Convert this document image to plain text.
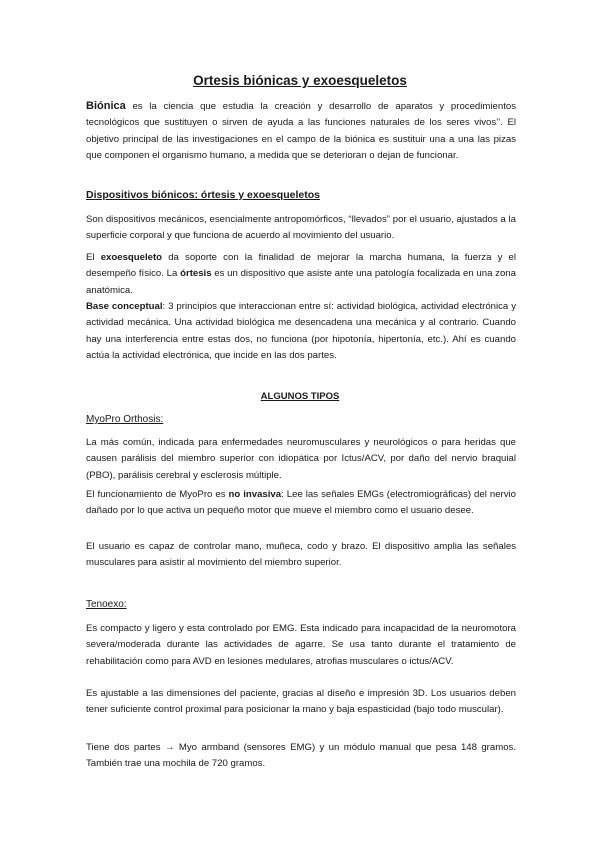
Ortesis biónicas y exoesqueletos

Biónica es la ciencia que estudia la creación y desarrollo de aparatos y procedimientos tecnológicos que sustituyen o sirven de ayuda a las funciones naturales de los seres vivos’’. El objetivo principal de las investigaciones en el campo de la biónica es sustituir una a una las pizas que componen el organismo humano, a medida que se deterioran o dejan de funcionar.

Dispositivos biónicos: órtesis y exoesqueletos

Son dispositivos mecánicos, esencialmente antropomórficos, “llevados” por el usuario, ajustados a la superficie corporal y que funciona de acuerdo al movimiento del usuario.

El exoesqueleto da soporte con la finalidad de mejorar la marcha humana, la fuerza y el desempeño físico. La órtesis es un dispositivo que asiste ante una patología focalizada en una zona anatómica.

Base conceptual: 3 principios que interaccionan entre sí: actividad biológica, actividad electrónica y actividad mecánica. Una actividad biológica me desencadena una mecánica y al contrario. Cuando hay una interferencia entre estas dos, no funciona (por hipotonía, hipertonía, etc.). Ahí es cuando actúa la actividad electrónica, que incide en las dos partes.

ALGUNOS TIPOS
MyoPro Orthosis:

La más común, indicada para enfermedades neuromusculares y neurológicos o para heridas que causen parálisis del miembro superior con idiopática por Ictus/ACV, por daño del nervio braquial (PBO), parálisis cerebral y esclerosis múltiple.

El funcionamiento de MyoPro es no invasiva: Lee las señales EMGs (electromiográficas) del nervio dañado por lo que activa un pequeño motor que mueve el miembro como el usuario desee.

El usuario es capaz de controlar mano, muñeca, codo y brazo. El dispositivo amplia las señales musculares para asistir al movimiento del miembro superior.

Tenoexo:

Es compacto y ligero y esta controlado por EMG. Esta indicado para incapacidad de la neuromotora severa/moderada durante las actividades de agarre. Se usa tanto durante el tratamiento de rehabilitación como para AVD en lesiones medulares, atrofias musculares o ictus/ACV.

Es ajustable a las dimensiones del paciente, gracias al diseño e impresión 3D. Los usuarios deben tener suficiente control proximal para posicionar la mano y baja espasticidad (bajo todo muscular).

Tiene dos partes → Myo armband (sensores EMG) y un módulo manual que pesa 148 gramos. También trae una mochila de 720 gramos.
